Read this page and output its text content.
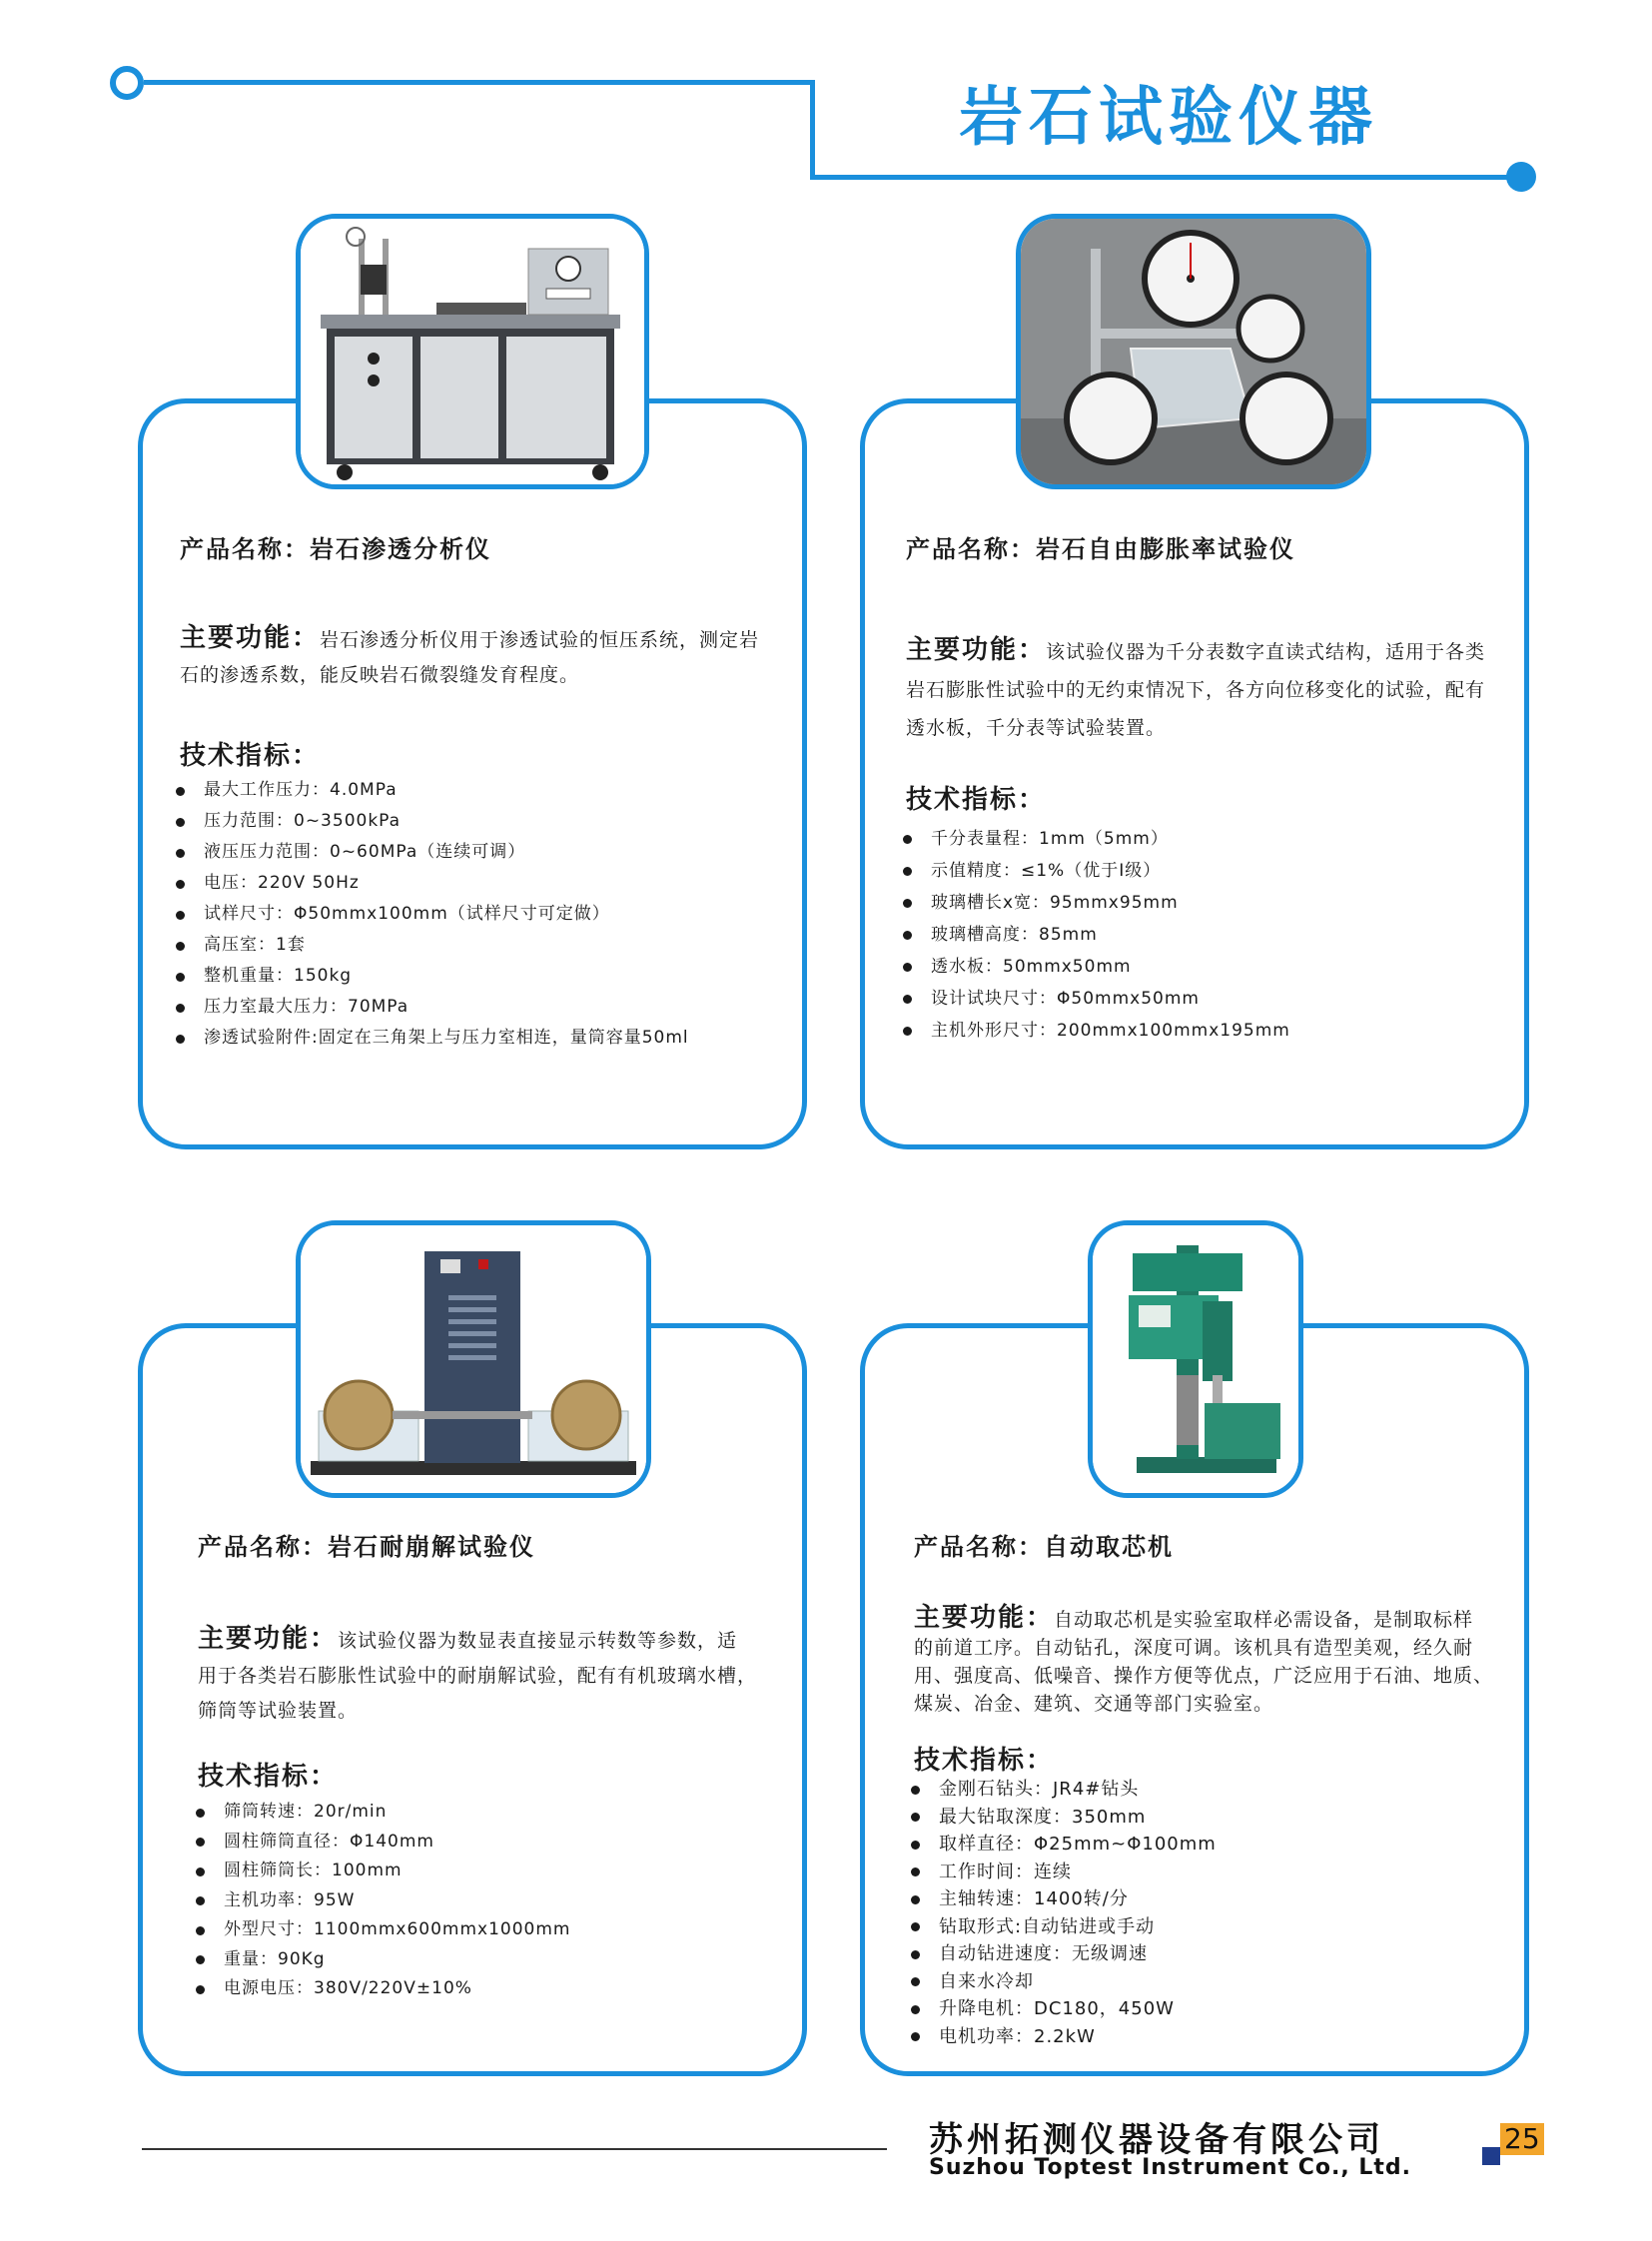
岩石试验仪器
产品名称：岩石渗透分析仪
主要功能：岩石渗透分析仪用于渗透试验的恒压系统，测定岩石的渗透系数，能反映岩石微裂缝发育程度。
技术指标：
最大工作压力：4.0MPa
压力范围：0~3500kPa
液压压力范围：0~60MPa（连续可调）
电压：220V 50Hz
试样尺寸：Φ50mmx100mm（试样尺寸可定做）
高压室：1套
整机重量：150kg
压力室最大压力：70MPa
渗透试验附件:固定在三角架上与压力室相连，量筒容量50ml
产品名称：岩石自由膨胀率试验仪
主要功能：该试验仪器为千分表数字直读式结构，适用于各类岩石膨胀性试验中的无约束情况下，各方向位移变化的试验，配有透水板，千分表等试验装置。
技术指标：
千分表量程：1mm（5mm）
示值精度：≤1%（优于Ⅰ级）
玻璃槽长x宽：95mmx95mm
玻璃槽高度：85mm
透水板：50mmx50mm
设计试块尺寸：Φ50mmx50mm
主机外形尺寸：200mmx100mmx195mm
产品名称：岩石耐崩解试验仪
主要功能：该试验仪器为数显表直接显示转数等参数，适用于各类岩石膨胀性试验中的耐崩解试验，配有有机玻璃水槽，筛筒等试验装置。
技术指标：
筛筒转速：20r/min
圆柱筛筒直径：Φ140mm
圆柱筛筒长：100mm
主机功率：95W
外型尺寸：1100mmx600mmx1000mm
重量：90Kg
电源电压：380V/220V±10%
产品名称：自动取芯机
主要功能：自动取芯机是实验室取样必需设备，是制取标样的前道工序。自动钻孔，深度可调。该机具有造型美观，经久耐用、强度高、低噪音、操作方便等优点，广泛应用于石油、地质、煤炭、冶金、建筑、交通等部门实验室。
技术指标：
金刚石钻头：JR4#钻头
最大钻取深度：350mm
取样直径：Φ25mm~Φ100mm
工作时间：连续
主轴转速：1400转/分
钻取形式:自动钻进或手动
自动钻进速度：无级调速
自来水冷却
升降电机：DC180，450W
电机功率：2.2kW
苏州拓测仪器设备有限公司
Suzhou Toptest Instrument Co., Ltd.
25
